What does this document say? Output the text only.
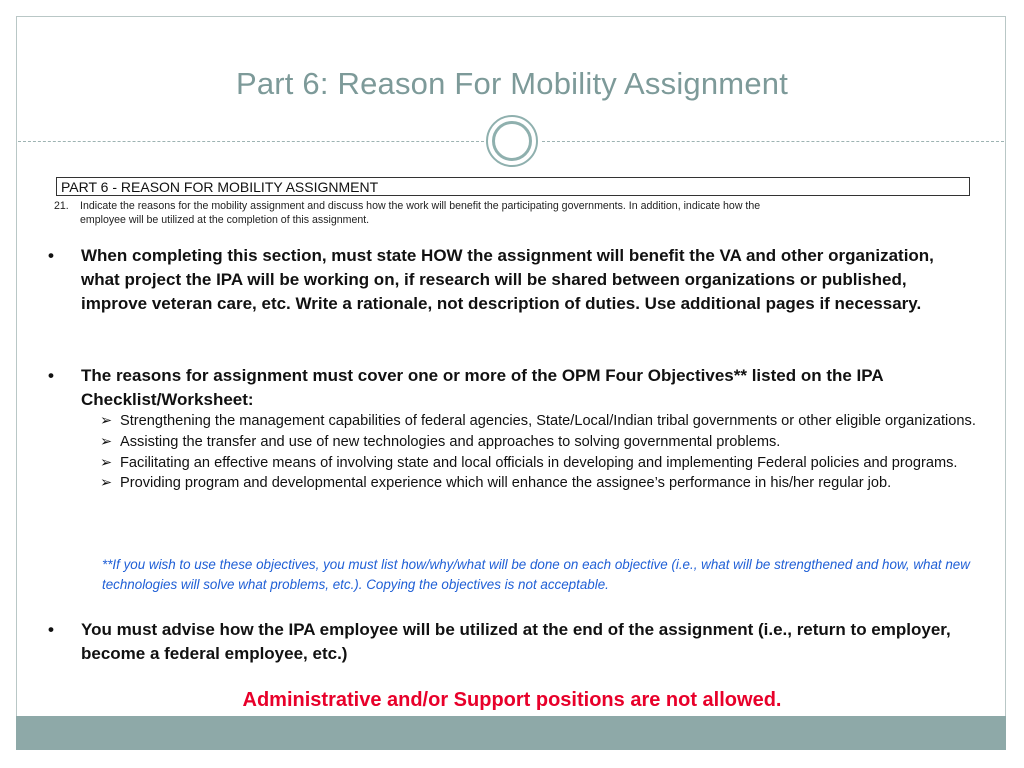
Part 6: Reason For Mobility Assignment
PART 6 - REASON FOR MOBILITY ASSIGNMENT
21. Indicate the reasons for the mobility assignment and discuss how the work will benefit the participating governments. In addition, indicate how the
employee will be utilized at the completion of this assignment.
•	When completing this section, must state HOW the assignment will benefit the VA and other organization, what project the IPA will be working on, if research will be shared between organizations or published, improve veteran care, etc. Write a rationale, not description of duties. Use additional pages if necessary.
•	The reasons for assignment must cover one or more of the OPM Four Objectives** listed on the IPA Checklist/Worksheet:
➢ Strengthening the management capabilities of federal agencies, State/Local/Indian tribal governments or other eligible organizations.
➢ Assisting the transfer and use of new technologies and approaches to solving governmental problems.
➢ Facilitating an effective means of involving state and local officials in developing and implementing Federal policies and programs.
➢ Providing program and developmental experience which will enhance the assignee’s performance in his/her regular job.
**If you wish to use these objectives, you must list how/why/what will be done on each objective (i.e., what will be strengthened and how, what new technologies will solve what problems, etc.). Copying the objectives is not acceptable.
•	You must advise how the IPA employee will be utilized at the end of the assignment (i.e., return to employer, become a federal employee, etc.)
Administrative and/or Support positions are not allowed.
